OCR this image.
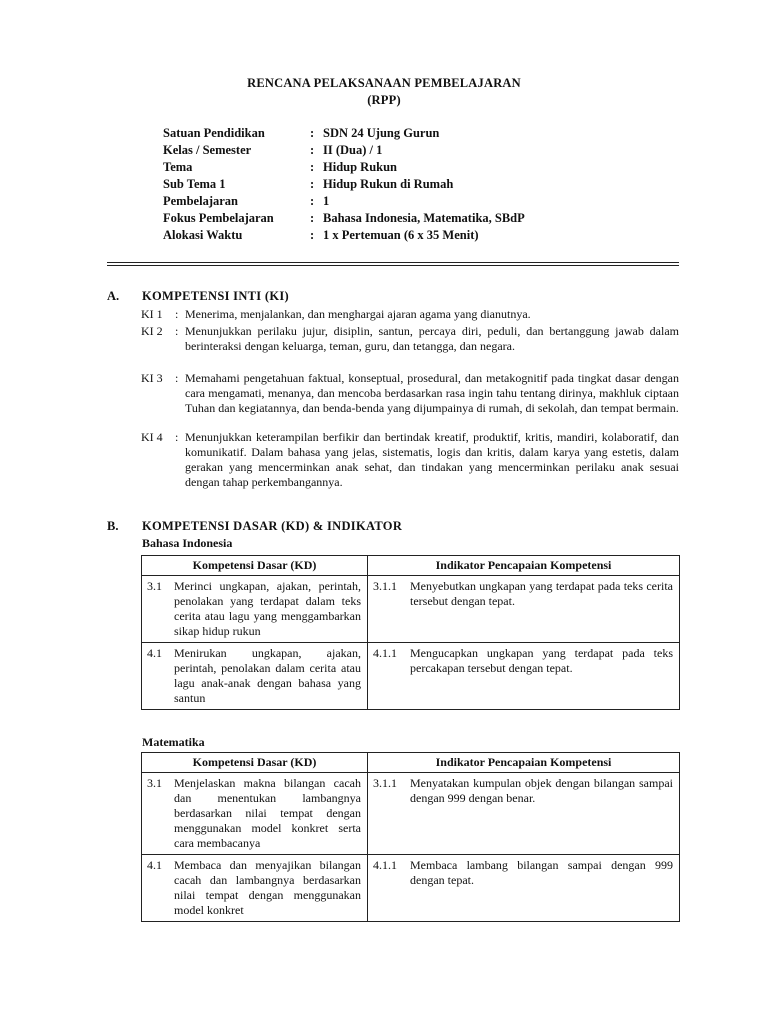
RENCANA PELAKSANAAN PEMBELAJARAN
(RPP)
Satuan Pendidikan	: SDN 24 Ujung Gurun
Kelas / Semester	: II (Dua) / 1
Tema	: Hidup Rukun
Sub Tema 1	: Hidup Rukun di Rumah
Pembelajaran	: 1
Fokus Pembelajaran	: Bahasa Indonesia, Matematika, SBdP
Alokasi Waktu	: 1 x Pertemuan (6 x 35 Menit)
A. KOMPETENSI INTI (KI)
KI 1 : Menerima, menjalankan, dan menghargai ajaran agama yang dianutnya.
KI 2 : Menunjukkan perilaku jujur, disiplin, santun, percaya diri, peduli, dan bertanggung jawab dalam berinteraksi dengan keluarga, teman, guru, dan tetangga, dan negara.
KI 3 : Memahami pengetahuan faktual, konseptual, prosedural, dan metakognitif pada tingkat dasar dengan cara mengamati, menanya, dan mencoba berdasarkan rasa ingin tahu tentang dirinya, makhluk ciptaan Tuhan dan kegiatannya, dan benda-benda yang dijumpainya di rumah, di sekolah, dan tempat bermain.
KI 4 : Menunjukkan keterampilan berfikir dan bertindak kreatif, produktif, kritis, mandiri, kolaboratif, dan komunikatif. Dalam bahasa yang jelas, sistematis, logis dan kritis, dalam karya yang estetis, dalam gerakan yang mencerminkan anak sehat, dan tindakan yang mencerminkan perilaku anak sesuai dengan tahap perkembangannya.
B. KOMPETENSI DASAR (KD) & INDIKATOR
Bahasa Indonesia
Kompetensi Dasar (KD)	Indikator Pencapaian Kompetensi

3.1 Merinci ungkapan, ajakan, perintah, penolakan yang terdapat dalam teks cerita atau lagu yang menggambarkan sikap hidup rukun	3.1.1 Menyebutkan ungkapan yang terdapat pada teks cerita tersebut dengan tepat.

4.1 Menirukan ungkapan, ajakan, perintah, penolakan dalam cerita atau lagu anak-anak dengan bahasa yang santun	4.1.1 Mengucapkan ungkapan yang terdapat pada teks percakapan tersebut dengan tepat.
Matematika
Kompetensi Dasar (KD)	Indikator Pencapaian Kompetensi

3.1 Menjelaskan makna bilangan cacah dan menentukan lambangnya berdasarkan nilai tempat dengan menggunakan model konkret serta cara membacanya	3.1.1 Menyatakan kumpulan objek dengan bilangan sampai dengan 999 dengan benar.

4.1 Membaca dan menyajikan bilangan cacah dan lambangnya berdasarkan nilai tempat dengan menggunakan model konkret	4.1.1 Membaca lambang bilangan sampai dengan 999 dengan tepat.
